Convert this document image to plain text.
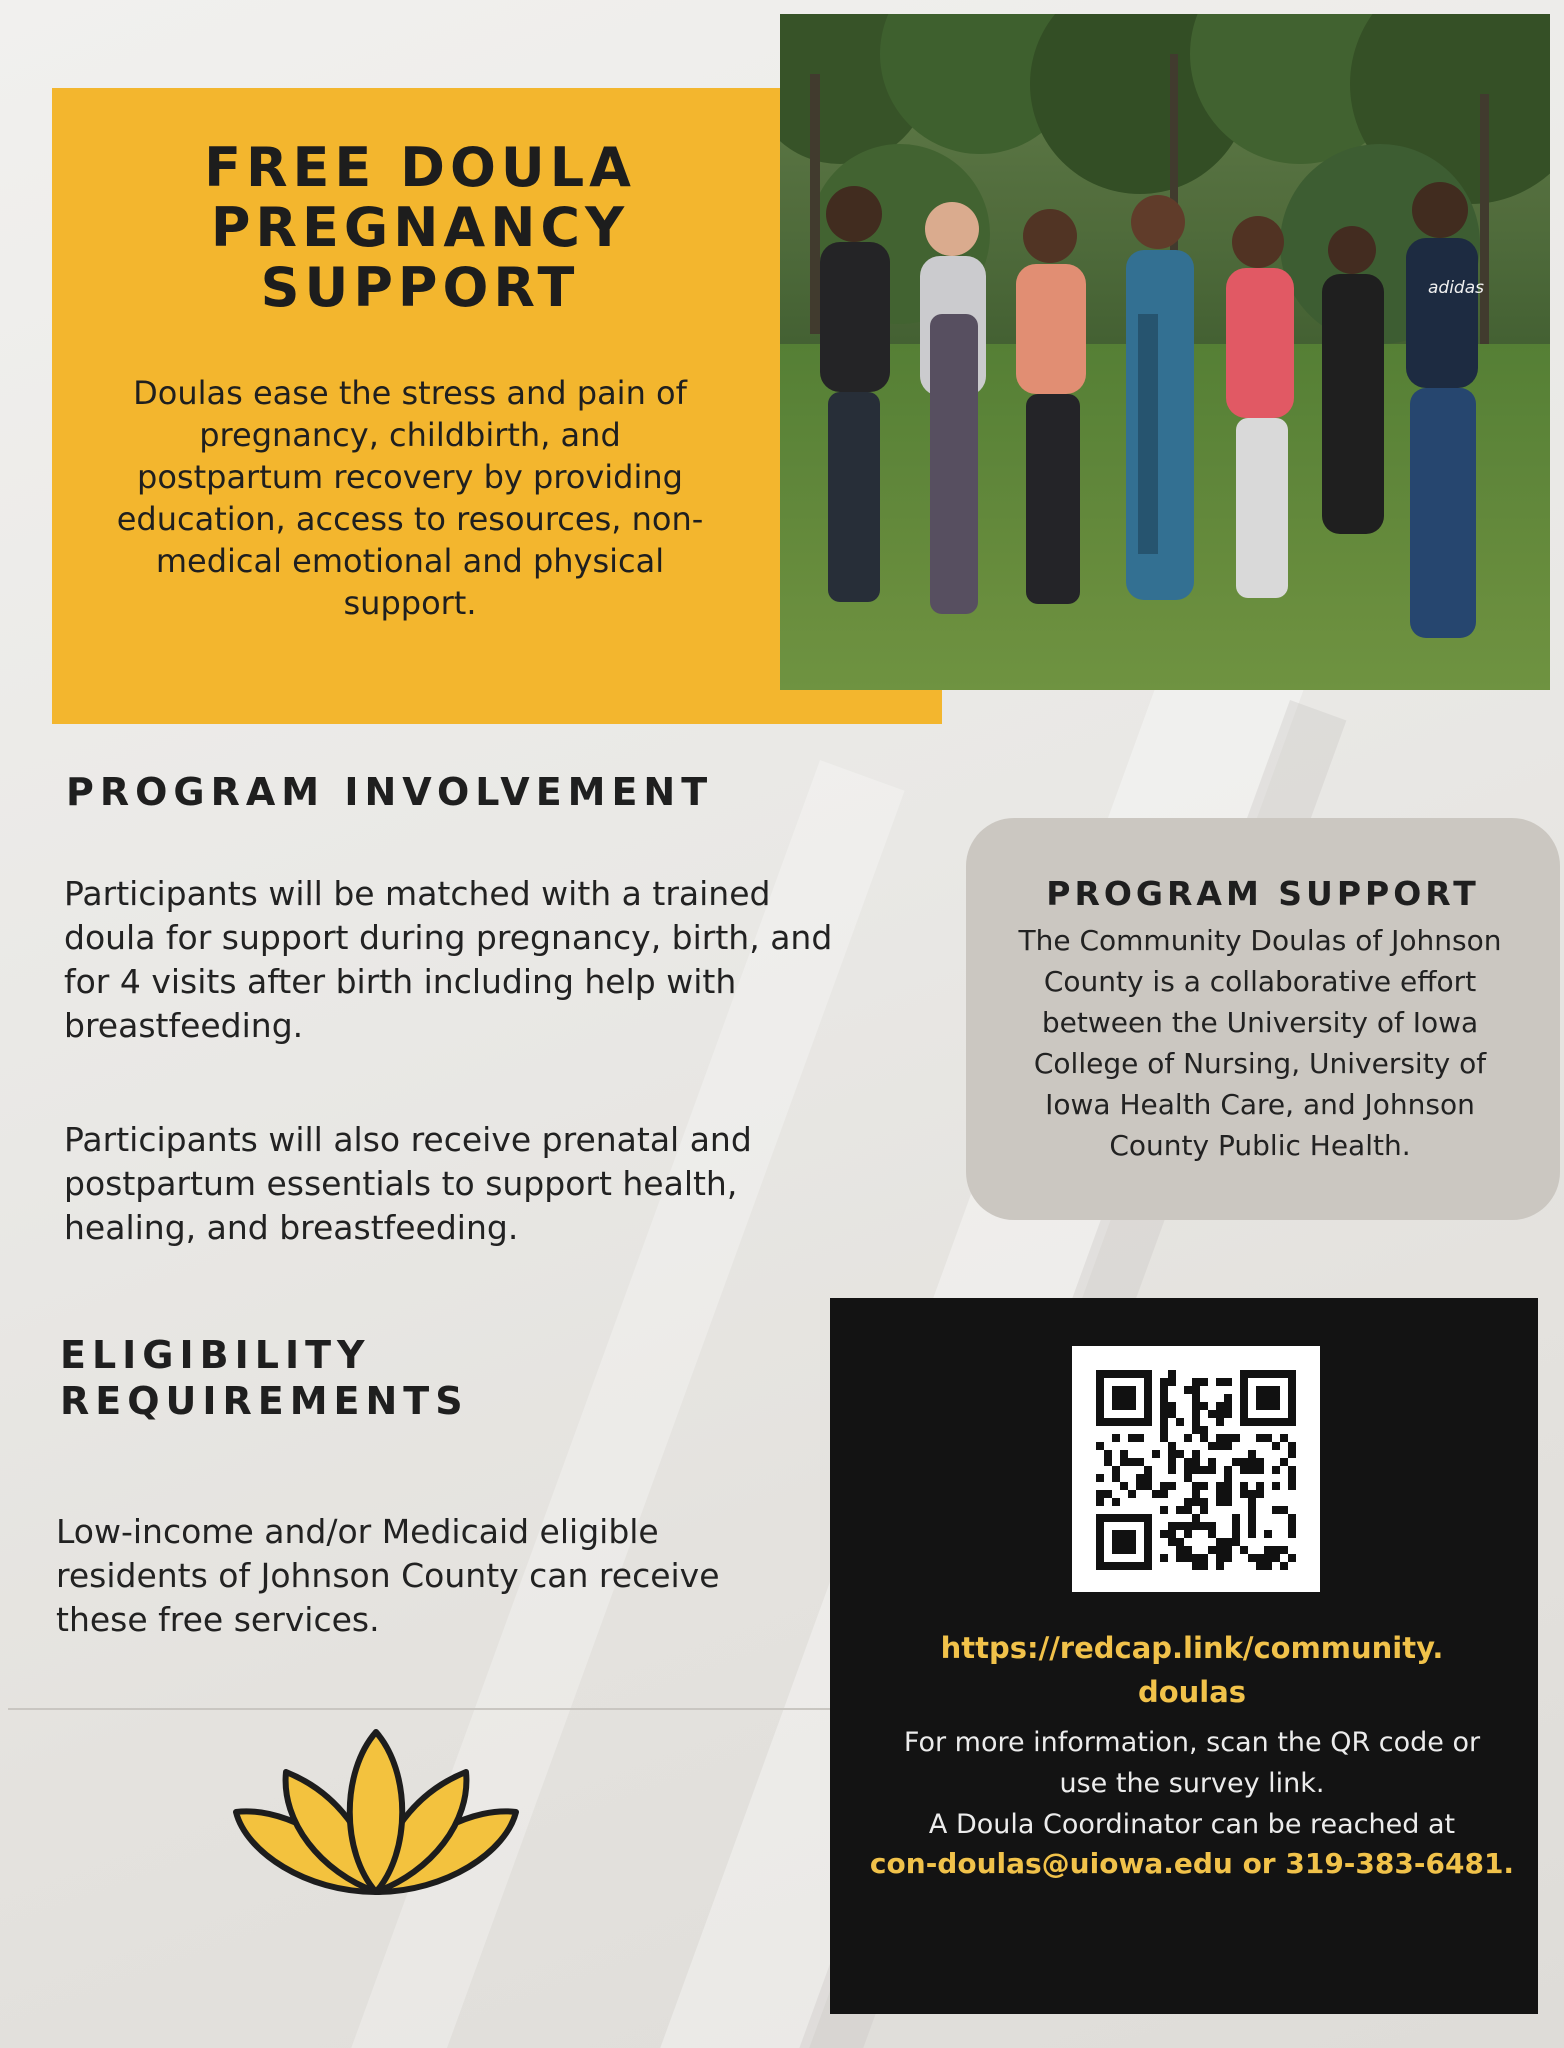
FREE DOULA
PREGNANCY
SUPPORT

Doulas ease the stress and pain of
pregnancy, childbirth, and
postpartum recovery by providing
education, access to resources, non-
medical emotional and physical
support.

adidas
PROGRAM INVOLVEMENT

Participants will be matched with a trained
doula for support during pregnancy, birth, and
for 4 visits after birth including help with
breastfeeding.

Participants will also receive prenatal and
postpartum essentials to support health,
healing, and breastfeeding.

ELIGIBILITY
REQUIREMENTS

Low-income and/or Medicaid eligible
residents of Johnson County can receive
these free services.

PROGRAM SUPPORT

The Community Doulas of Johnson
County is a collaborative effort
between the University of Iowa
College of Nursing, University of
Iowa Health Care, and Johnson
County Public Health.

https://redcap.link/community.
doulas

For more information, scan the QR code or
use the survey link.
A Doula Coordinator can be reached at

con-doulas@uiowa.edu or 319-383-6481.
